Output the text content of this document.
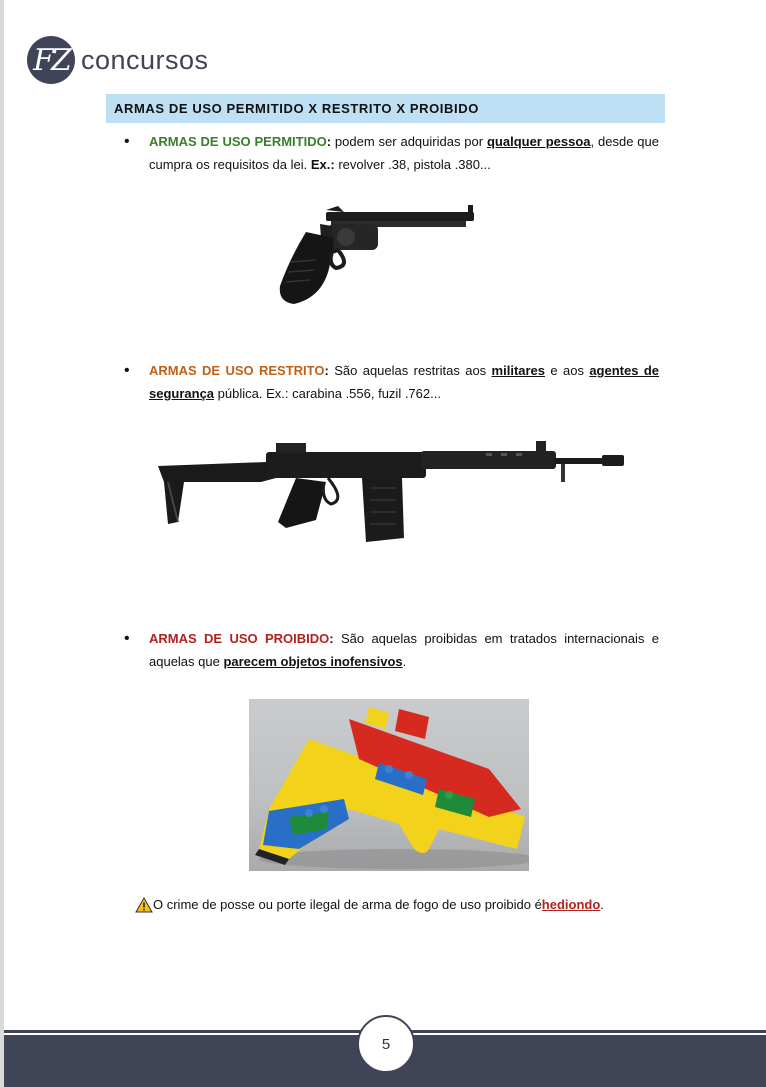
FZ concursos
ARMAS DE USO PERMITIDO X RESTRITO X PROIBIDO
• ARMAS DE USO PERMITIDO: podem ser adquiridas por qualquer pessoa, desde que cumpra os requisitos da lei. Ex.: revolver .38, pistola .380...
• ARMAS DE USO RESTRITO: São aquelas restritas aos militares e aos agentes de segurança pública. Ex.: carabina .556, fuzil .762...
• ARMAS DE USO PROIBIDO: São aquelas proibidas em tratados internacionais e aquelas que parecem objetos inofensivos.
O crime de posse ou porte ilegal de arma de fogo de uso proibido é hediondo .
5
